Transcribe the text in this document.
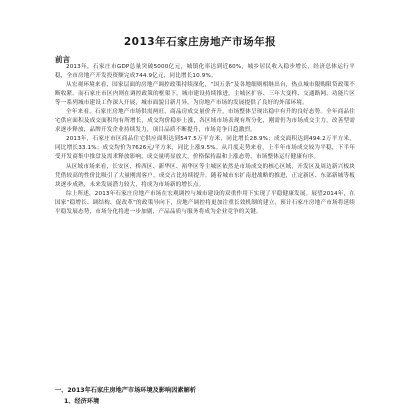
2013年石家庄房地产市场年报
前言

2013年，石家庄市GDP总量突破5000亿元，城镇化率达到近60%，城乡居民收入稳步增长，经济总体运行平稳，全市房地产开发投资额完成744.9亿元，同比增长10.9%。

从宏观环境来看，国家层面的房地产调控政策持续深化，“国五条”及各地细则相继出台，热点城市限购限贷政策不断收紧。而石家庄市区内则在调控政策的框架下，城市建设持续推进，主城区扩容、三年大变样、交通路网、功能片区等一系列城市建设工作深入开展，城市面貌日新月异，为房地产市场的发展提供了良好的外部环境。

全年来看，石家庄房地产市场供需两旺，商品房成交量价齐升，市场整体呈现出稳中有升的良好态势。全年商品住宅供应面积及成交面积均有所增长，成交均价稳步上涨，各区域市场表现有所分化，刚需仍为市场成交主力，改善型需求逐步释放，品牌开发企业持续发力，项目品质不断提升，市场竞争日趋激烈。

2013年，石家庄市区商品住宅供应面积达到547.5万平方米，同比增长28.9%；成交面积达到494.2万平方米，同比增长33.1%；成交均价为7626元/平方米，同比上涨9.5%。从月度走势来看，上半年市场成交较为平稳，下半年受开发商集中推盘及需求释放影响，成交量明显放大，价格保持温和上涨态势，市场整体运行健康有序。

从区域市场来看，长安区、桥西区、新华区、裕华区等主城区依然是市场成交的核心区域，开发区及周边新兴板块凭借较高的性价比吸引了大量刚需客户，成交占比持续提升。随着城市东扩南进战略的推进，正定新区、东部新城等板块逐步成熟，未来发展潜力较大，将成为市场新的增长点。

综上所述，2013年石家庄房地产市场在宏观调控与城市建设的双重作用下实现了平稳健康发展。展望2014年，在国家“稳增长、调结构、促改革”的政策导向下，房地产调控将更加注重长效机制的建立，预计石家庄房地产市场将延续平稳发展态势，市场分化将进一步加剧，产品品质与服务将成为企业竞争的关键。

一、2013年石家庄房地产市场环境及影响因素解析
1、经济环境
